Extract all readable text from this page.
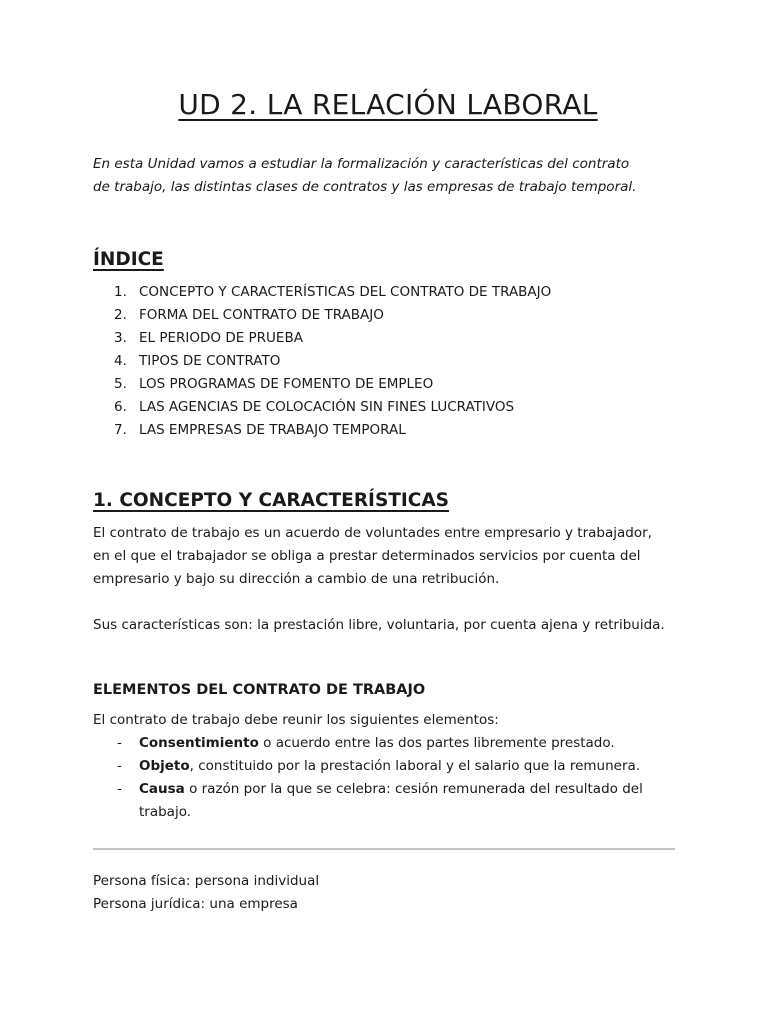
UD 2. LA RELACIÓN LABORAL

En esta Unidad vamos a estudiar la formalización y características del contrato
de trabajo, las distintas clases de contratos y las empresas de trabajo temporal.

ÍNDICE
1. CONCEPTO Y CARACTERÍSTICAS DEL CONTRATO DE TRABAJO
2. FORMA DEL CONTRATO DE TRABAJO
3. EL PERIODO DE PRUEBA
4. TIPOS DE CONTRATO
5. LOS PROGRAMAS DE FOMENTO DE EMPLEO
6. LAS AGENCIAS DE COLOCACIÓN SIN FINES LUCRATIVOS
7. LAS EMPRESAS DE TRABAJO TEMPORAL
1. CONCEPTO Y CARACTERÍSTICAS

El contrato de trabajo es un acuerdo de voluntades entre empresario y trabajador,
en el que el trabajador se obliga a prestar determinados servicios por cuenta del
empresario y bajo su dirección a cambio de una retribución.

Sus características son: la prestación libre, voluntaria, por cuenta ajena y retribuida.

ELEMENTOS DEL CONTRATO DE TRABAJO

El contrato de trabajo debe reunir los siguientes elementos:

- Consentimiento o acuerdo entre las dos partes libremente prestado.
- Objeto, constituido por la prestación laboral y el salario que la remunera.
- Causa o razón por la que se celebra: cesión remunerada del resultado del trabajo.
Persona física: persona individual
Persona jurídica: una empresa
